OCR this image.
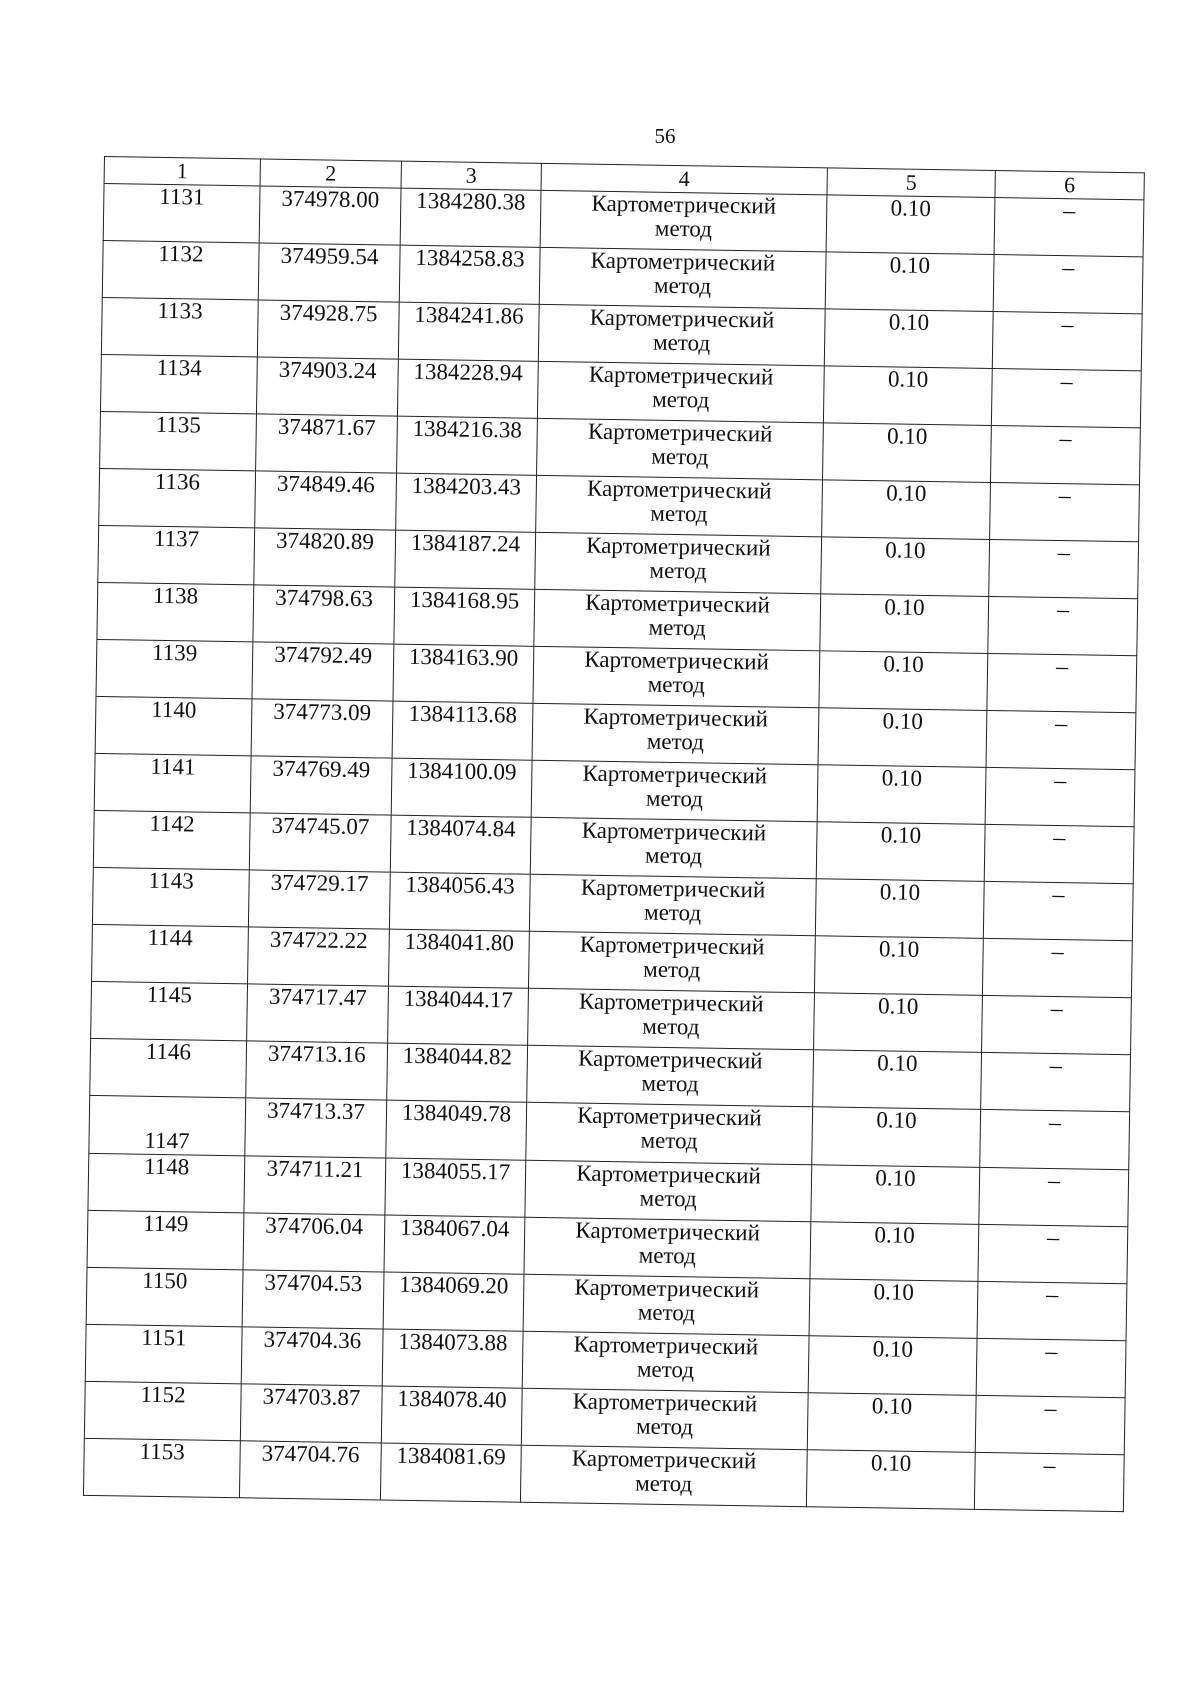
56
1	2	3	4	5	6
1131	374978.00	1384280.38	Картометрический
метод	0.10	–
1132	374959.54	1384258.83	Картометрический
метод	0.10	–
1133	374928.75	1384241.86	Картометрический
метод	0.10	–
1134	374903.24	1384228.94	Картометрический
метод	0.10	–
1135	374871.67	1384216.38	Картометрический
метод	0.10	–
1136	374849.46	1384203.43	Картометрический
метод	0.10	–
1137	374820.89	1384187.24	Картометрический
метод	0.10	–
1138	374798.63	1384168.95	Картометрический
метод	0.10	–
1139	374792.49	1384163.90	Картометрический
метод	0.10	–
1140	374773.09	1384113.68	Картометрический
метод	0.10	–
1141	374769.49	1384100.09	Картометрический
метод	0.10	–
1142	374745.07	1384074.84	Картометрический
метод	0.10	–
1143	374729.17	1384056.43	Картометрический
метод	0.10	–
1144	374722.22	1384041.80	Картометрический
метод	0.10	–
1145	374717.47	1384044.17	Картометрический
метод	0.10	–
1146	374713.16	1384044.82	Картометрический
метод	0.10	–
1147	374713.37	1384049.78	Картометрический
метод	0.10	–
1148	374711.21	1384055.17	Картометрический
метод	0.10	–
1149	374706.04	1384067.04	Картометрический
метод	0.10	–
1150	374704.53	1384069.20	Картометрический
метод	0.10	–
1151	374704.36	1384073.88	Картометрический
метод	0.10	–
1152	374703.87	1384078.40	Картометрический
метод	0.10	–
1153	374704.76	1384081.69	Картометрический
метод	0.10	–
